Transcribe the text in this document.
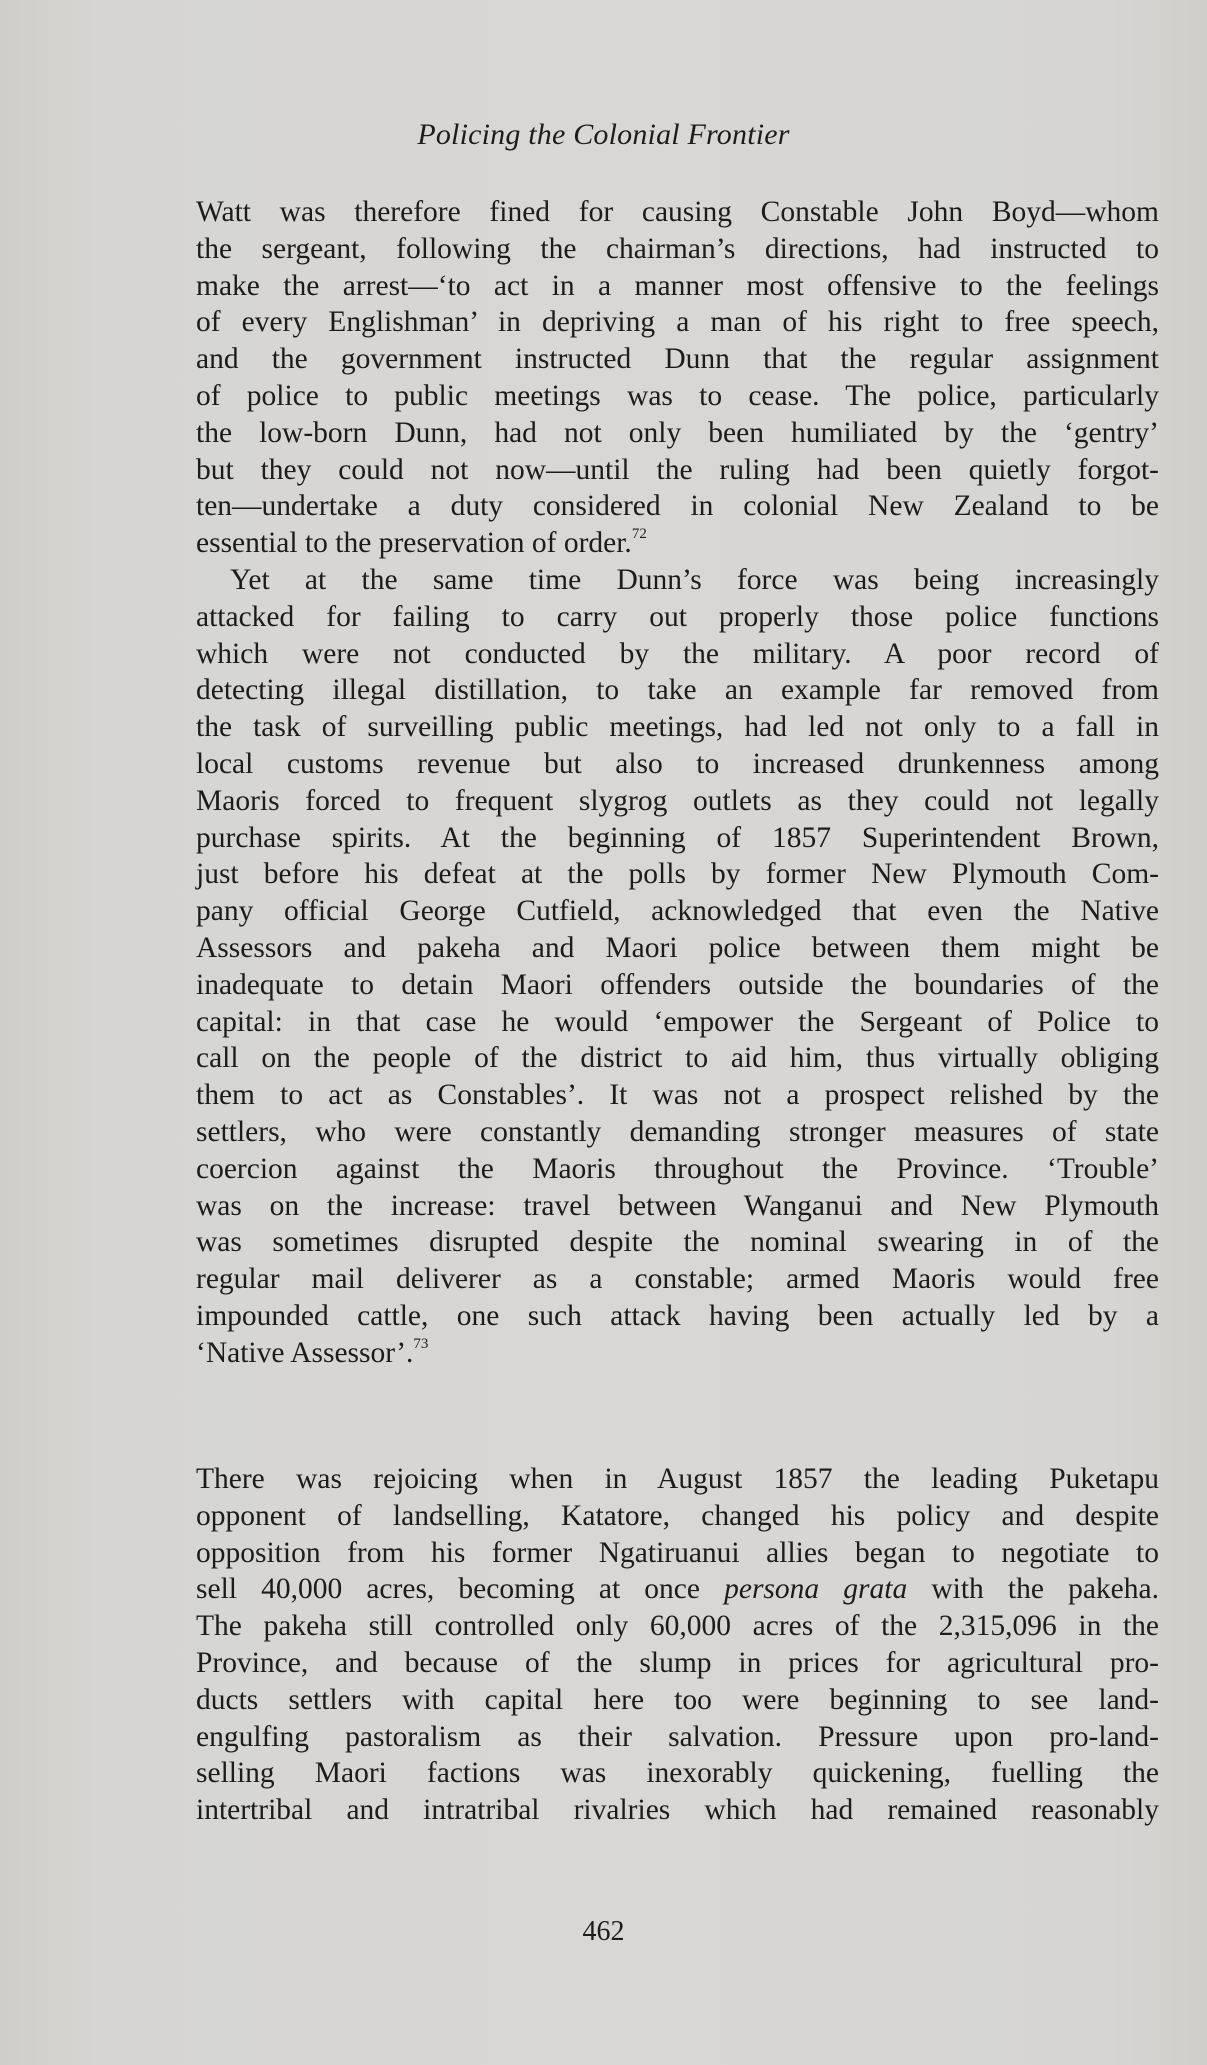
Policing the Colonial Frontier
Watt was therefore fined for causing Constable John Boyd—whom
the sergeant, following the chairman’s directions, had instructed to
make the arrest—‘to act in a manner most offensive to the feelings
of every Englishman’ in depriving a man of his right to free speech,
and the government instructed Dunn that the regular assignment
of police to public meetings was to cease. The police, particularly
the low-born Dunn, had not only been humiliated by the ‘gentry’
but they could not now—until the ruling had been quietly forgot-
ten—undertake a duty considered in colonial New Zealand to be
essential to the preservation of order.$^{72}$
Yet at the same time Dunn’s force was being increasingly
attacked for failing to carry out properly those police functions
which were not conducted by the military. A poor record of
detecting illegal distillation, to take an example far removed from
the task of surveilling public meetings, had led not only to a fall in
local customs revenue but also to increased drunkenness among
Maoris forced to frequent slygrog outlets as they could not legally
purchase spirits. At the beginning of 1857 Superintendent Brown,
just before his defeat at the polls by former New Plymouth Com-
pany official George Cutfield, acknowledged that even the Native
Assessors and pakeha and Maori police between them might be
inadequate to detain Maori offenders outside the boundaries of the
capital: in that case he would ‘empower the Sergeant of Police to
call on the people of the district to aid him, thus virtually obliging
them to act as Constables’. It was not a prospect relished by the
settlers, who were constantly demanding stronger measures of state
coercion against the Maoris throughout the Province. ‘Trouble’
was on the increase: travel between Wanganui and New Plymouth
was sometimes disrupted despite the nominal swearing in of the
regular mail deliverer as a constable; armed Maoris would free
impounded cattle, one such attack having been actually led by a
‘Native Assessor’.$^{73}$
There was rejoicing when in August 1857 the leading Puketapu
opponent of landselling, Katatore, changed his policy and despite
opposition from his former Ngatiruanui allies began to negotiate to
sell 40,000 acres, becoming at once persona grata with the pakeha.
The pakeha still controlled only 60,000 acres of the 2,315,096 in the
Province, and because of the slump in prices for agricultural pro-
ducts settlers with capital here too were beginning to see land-
engulfing pastoralism as their salvation. Pressure upon pro-land-
selling Maori factions was inexorably quickening, fuelling the
intertribal and intratribal rivalries which had remained reasonably
462
